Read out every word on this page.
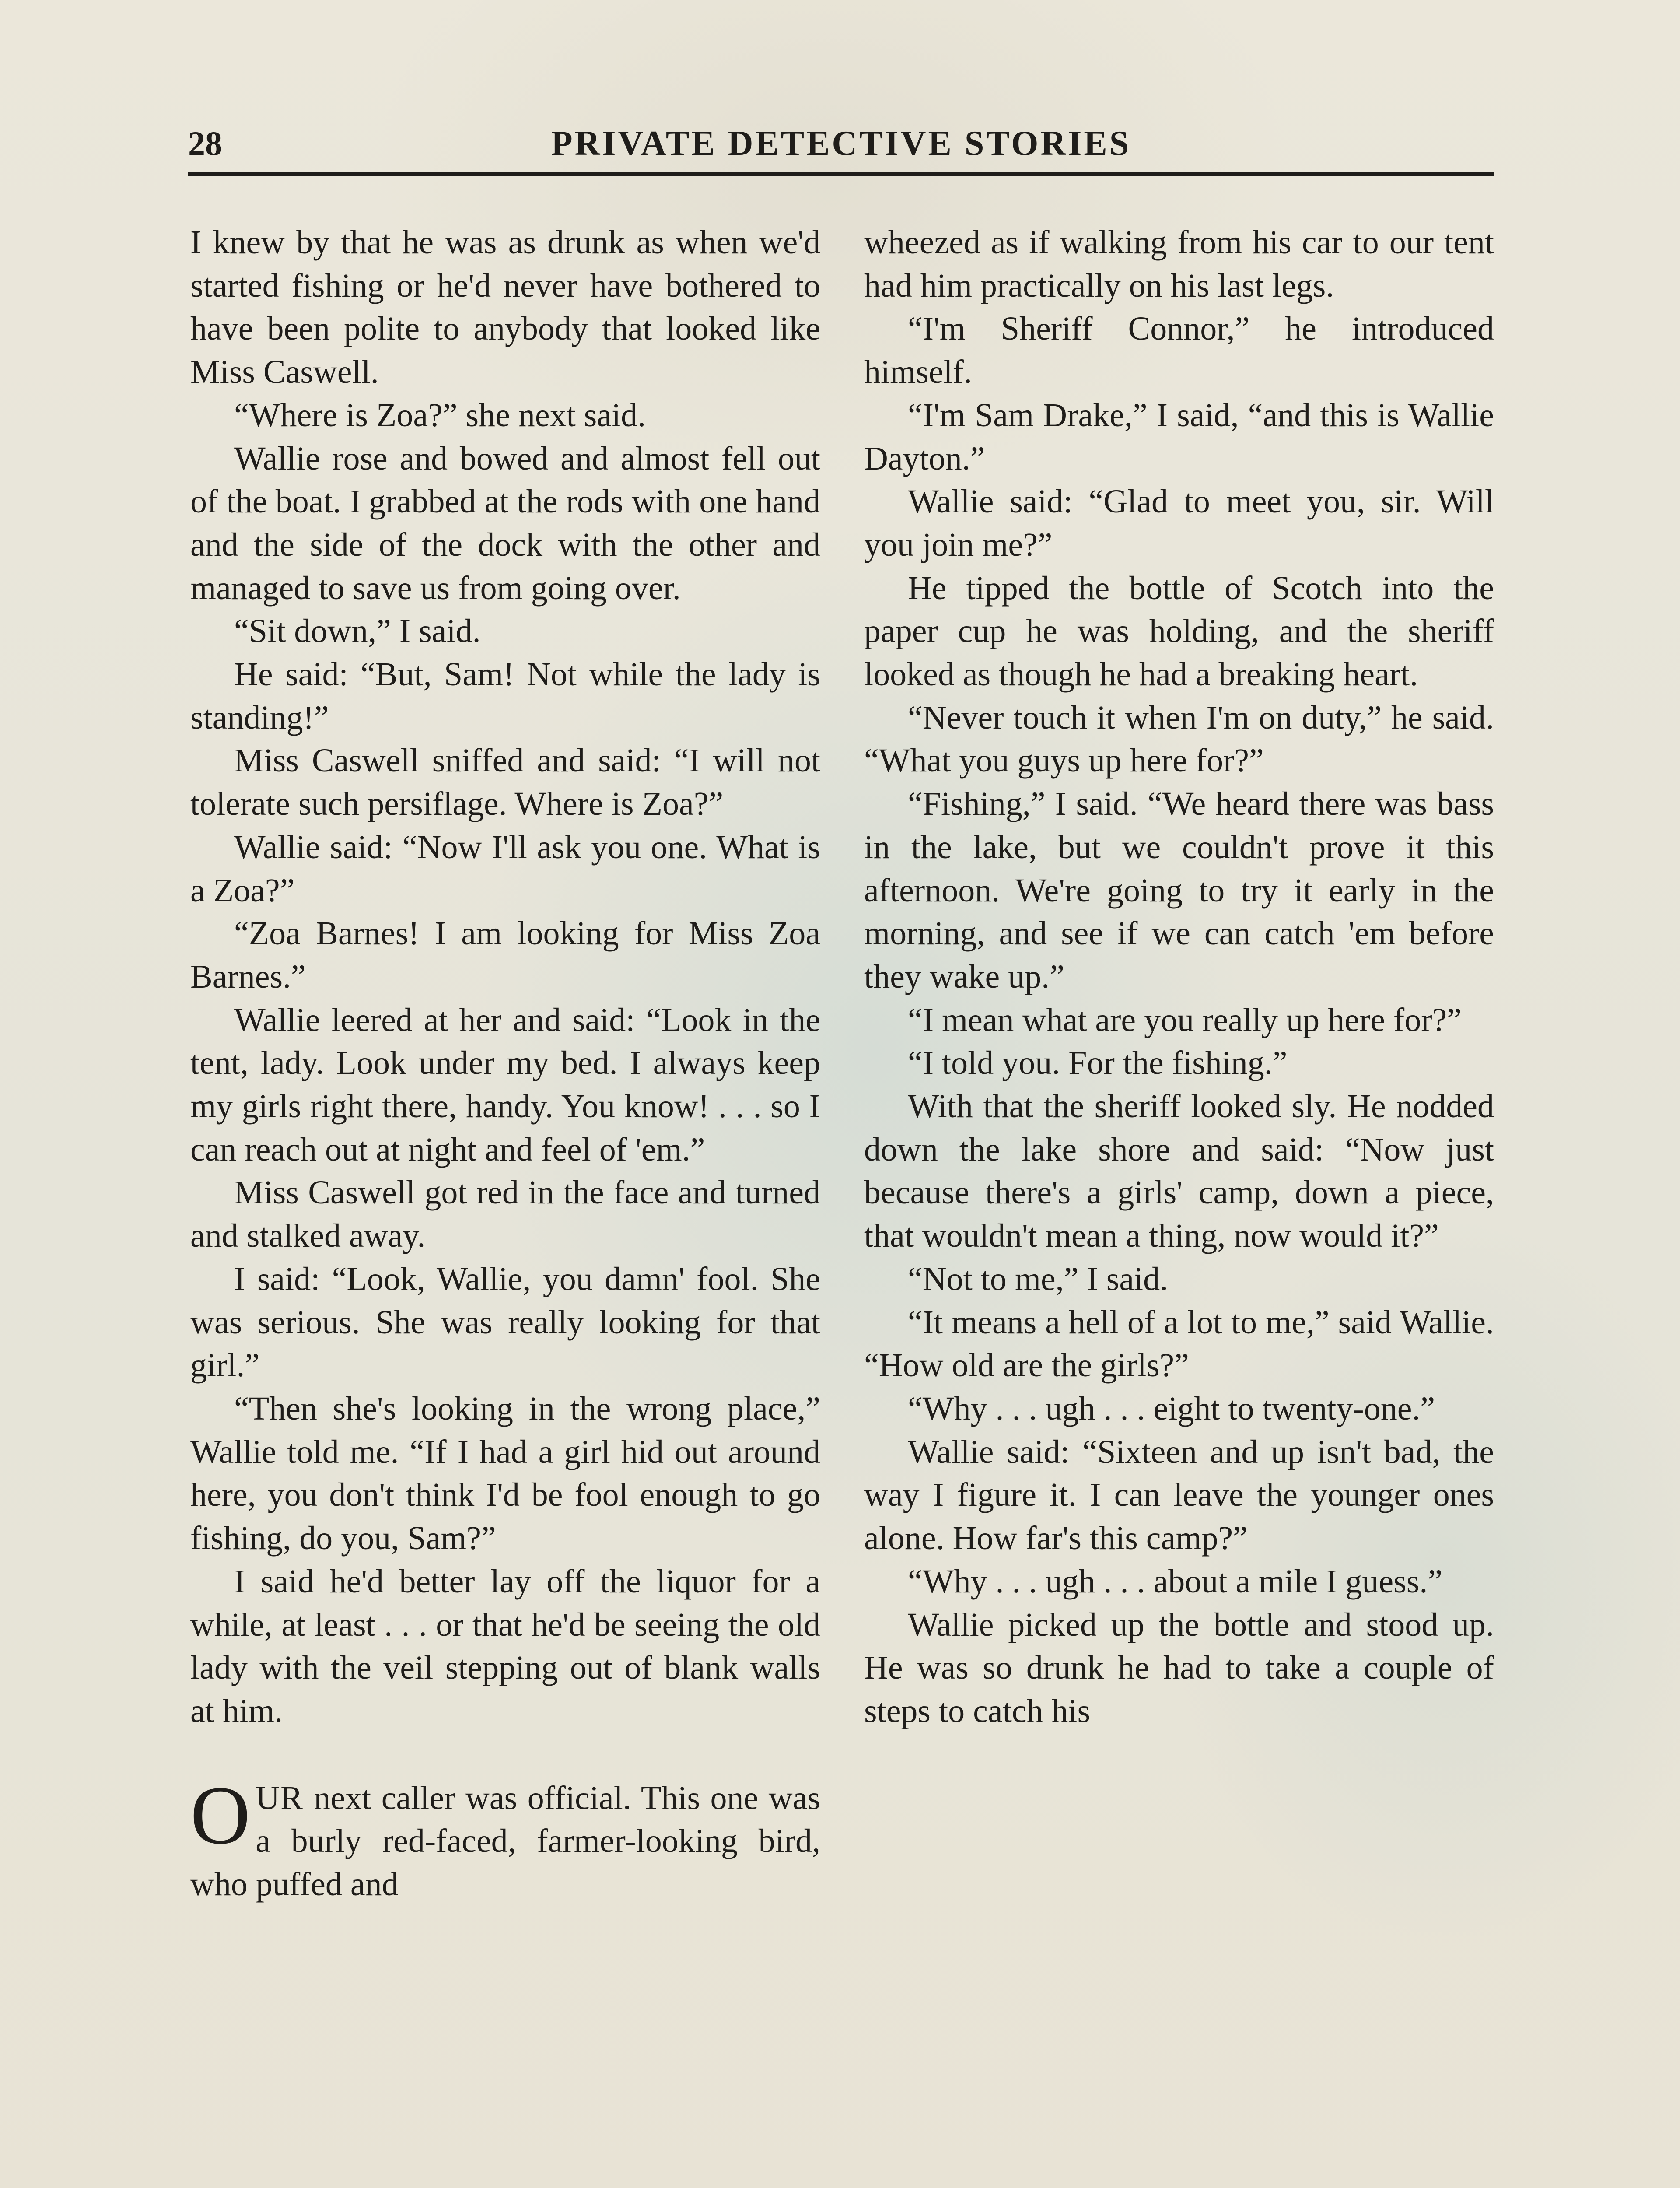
28	PRIVATE DETECTIVE STORIES

I knew by that he was as drunk as when we'd started fishing or he'd never have bothered to have been polite to anybody that looked like Miss Caswell.

“Where is Zoa?” she next said.

Wallie rose and bowed and almost fell out of the boat. I grabbed at the rods with one hand and the side of the dock with the other and managed to save us from going over.

“Sit down,” I said.

He said: “But, Sam! Not while the lady is standing!”

Miss Caswell sniffed and said: “I will not tolerate such persiflage. Where is Zoa?”

Wallie said: “Now I'll ask you one. What is a Zoa?”

“Zoa Barnes! I am looking for Miss Zoa Barnes.”

Wallie leered at her and said: “Look in the tent, lady. Look under my bed. I always keep my girls right there, handy. You know! . . . so I can reach out at night and feel of 'em.”

Miss Caswell got red in the face and turned and stalked away.

I said: “Look, Wallie, you damn' fool. She was serious. She was really looking for that girl.”

“Then she's looking in the wrong place,” Wallie told me. “If I had a girl hid out around here, you don't think I'd be fool enough to go fishing, do you, Sam?”

I said he'd better lay off the liquor for a while, at least . . . or that he'd be seeing the old lady with the veil stepping out of blank walls at him.

OUR next caller was official. This one was a burly red-faced, farmer-looking bird, who puffed and

wheezed as if walking from his car to our tent had him practically on his last legs.

“I'm Sheriff Connor,” he introduced himself.

“I'm Sam Drake,” I said, “and this is Wallie Dayton.”

Wallie said: “Glad to meet you, sir. Will you join me?”

He tipped the bottle of Scotch into the paper cup he was holding, and the sheriff looked as though he had a breaking heart.

“Never touch it when I'm on duty,” he said. “What you guys up here for?”

“Fishing,” I said. “We heard there was bass in the lake, but we couldn't prove it this afternoon. We're going to try it early in the morning, and see if we can catch 'em before they wake up.”

“I mean what are you really up here for?”

“I told you. For the fishing.”

With that the sheriff looked sly. He nodded down the lake shore and said: “Now just because there's a girls' camp, down a piece, that wouldn't mean a thing, now would it?”

“Not to me,” I said.

“It means a hell of a lot to me,” said Wallie. “How old are the girls?”

“Why . . . ugh . . . eight to twenty-one.”

Wallie said: “Sixteen and up isn't bad, the way I figure it. I can leave the younger ones alone. How far's this camp?”

“Why . . . ugh . . . about a mile I guess.”

Wallie picked up the bottle and stood up. He was so drunk he had to take a couple of steps to catch his
